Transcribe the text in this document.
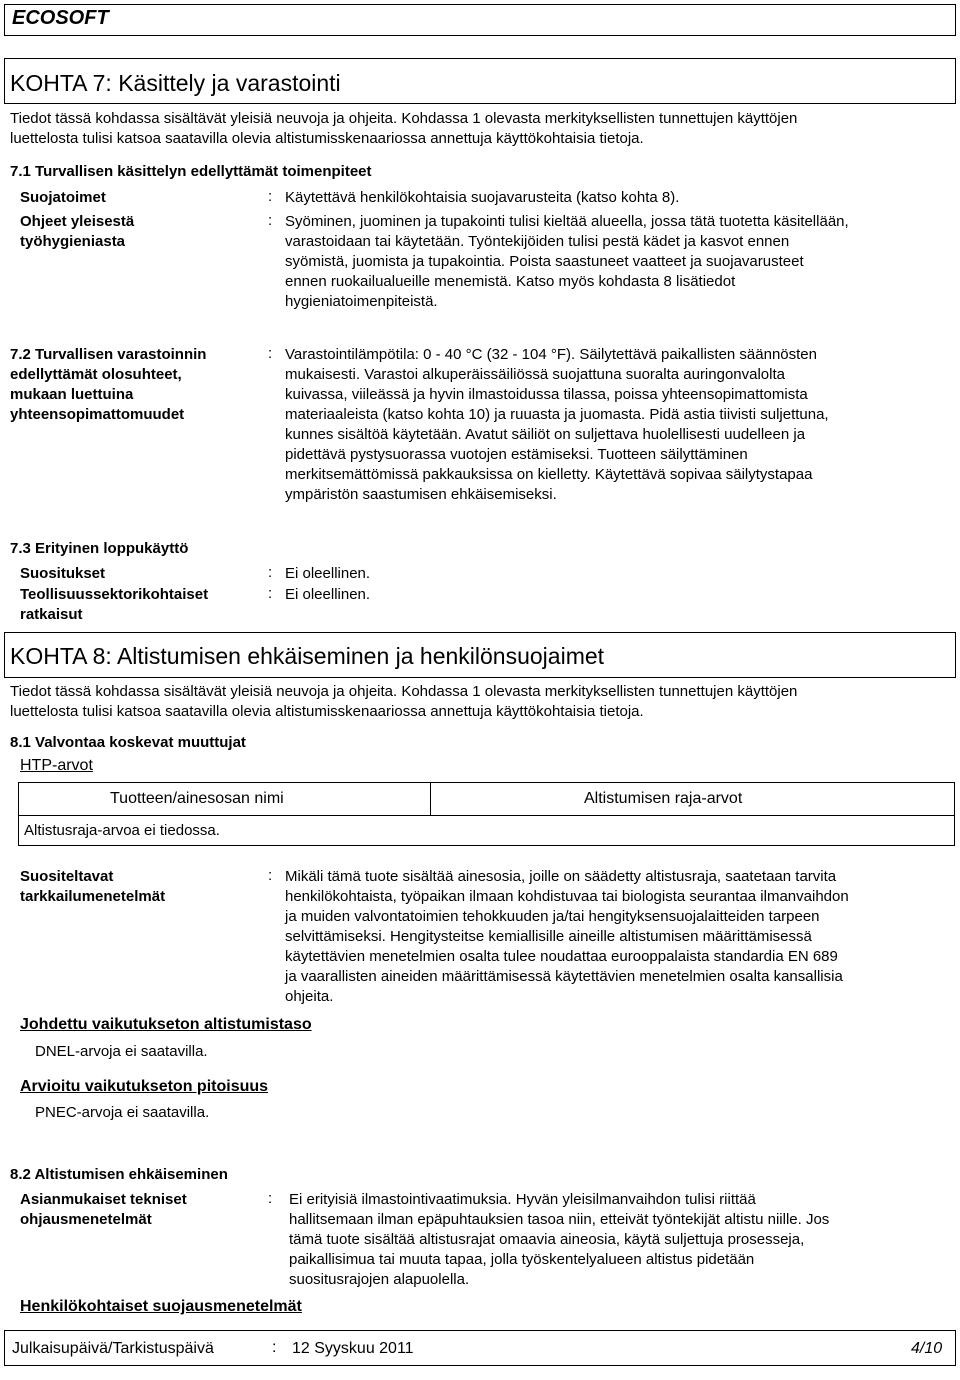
ECOSOFT
KOHTA 7: Käsittely ja varastointi
Tiedot tässä kohdassa sisältävät yleisiä neuvoja ja ohjeita. Kohdassa 1 olevasta merkityksellisten tunnettujen käyttöjen
luettelosta tulisi katsoa saatavilla olevia altistumisskenaariossa annettuja käyttökohtaisia tietoja.
7.1 Turvallisen käsittelyn edellyttämät toimenpiteet
Suojatoimet	: Käytettävä henkilökohtaisia suojavarusteita (katso kohta 8).
Ohjeet yleisestä
työhygieniasta
: Syöminen, juominen ja tupakointi tulisi kieltää alueella, jossa tätä tuotetta käsitellään,
varastoidaan tai käytetään. Työntekijöiden tulisi pestä kädet ja kasvot ennen
syömistä, juomista ja tupakointia. Poista saastuneet vaatteet ja suojavarusteet
ennen ruokailualueille menemistä. Katso myös kohdasta 8 lisätiedot
hygieniatoimenpiteistä.
7.2 Turvallisen varastoinnin
edellyttämät olosuhteet,
mukaan luettuina
yhteensopimattomuudet
: Varastointilämpötila: 0 - 40 °C (32 - 104 °F). Säilytettävä paikallisten säännösten
mukaisesti. Varastoi alkuperäissäiliössä suojattuna suoralta auringonvalolta
kuivassa, viileässä ja hyvin ilmastoidussa tilassa, poissa yhteensopimattomista
materiaaleista (katso kohta 10) ja ruuasta ja juomasta. Pidä astia tiivisti suljettuna,
kunnes sisältöä käytetään. Avatut säiliöt on suljettava huolellisesti uudelleen ja
pidettävä pystysuorassa vuotojen estämiseksi. Tuotteen säilyttäminen
merkitsemättömissä pakkauksissa on kielletty. Käytettävä sopivaa säilytystapaa
ympäristön saastumisen ehkäisemiseksi.
7.3 Erityinen loppukäyttö
Suositukset	: Ei oleellinen.
Teollisuussektorikohtaiset
ratkaisut
: Ei oleellinen.
KOHTA 8: Altistumisen ehkäiseminen ja henkilönsuojaimet
Tiedot tässä kohdassa sisältävät yleisiä neuvoja ja ohjeita. Kohdassa 1 olevasta merkityksellisten tunnettujen käyttöjen
luettelosta tulisi katsoa saatavilla olevia altistumisskenaariossa annettuja käyttökohtaisia tietoja.
8.1 Valvontaa koskevat muuttujat
HTP-arvot
Tuotteen/ainesosan nimi	Altistumisen raja-arvot
Altistusraja-arvoa ei tiedossa.
Suositeltavat
tarkkailumenetelmät
: Mikäli tämä tuote sisältää ainesosia, joille on säädetty altistusraja, saatetaan tarvita
henkilökohtaista, työpaikan ilmaan kohdistuvaa tai biologista seurantaa ilmanvaihdon
ja muiden valvontatoimien tehokkuuden ja/tai hengityksensuojalaitteiden tarpeen
selvittämiseksi. Hengitysteitse kemiallisille aineille altistumisen määrittämisessä
käytettävien menetelmien osalta tulee noudattaa eurooppalaista standardia EN 689
ja vaarallisten aineiden määrittämisessä käytettävien menetelmien osalta kansallisia
ohjeita.
Johdettu vaikutukseton altistumistaso
DNEL-arvoja ei saatavilla.
Arvioitu vaikutukseton pitoisuus
PNEC-arvoja ei saatavilla.
8.2 Altistumisen ehkäiseminen
Asianmukaiset tekniset
ohjausmenetelmät
: Ei erityisiä ilmastointivaatimuksia. Hyvän yleisilmanvaihdon tulisi riittää
hallitsemaan ilman epäpuhtauksien tasoa niin, etteivät työntekijät altistu niille. Jos
tämä tuote sisältää altistusrajat omaavia aineosia, käytä suljettuja prosesseja,
paikallisimua tai muuta tapaa, jolla työskentelyalueen altistus pidetään
suositusrajojen alapuolella.
Henkilökohtaiset suojausmenetelmät
Julkaisupäivä/Tarkistuspäivä	: 12 Syyskuu 2011	4/10
